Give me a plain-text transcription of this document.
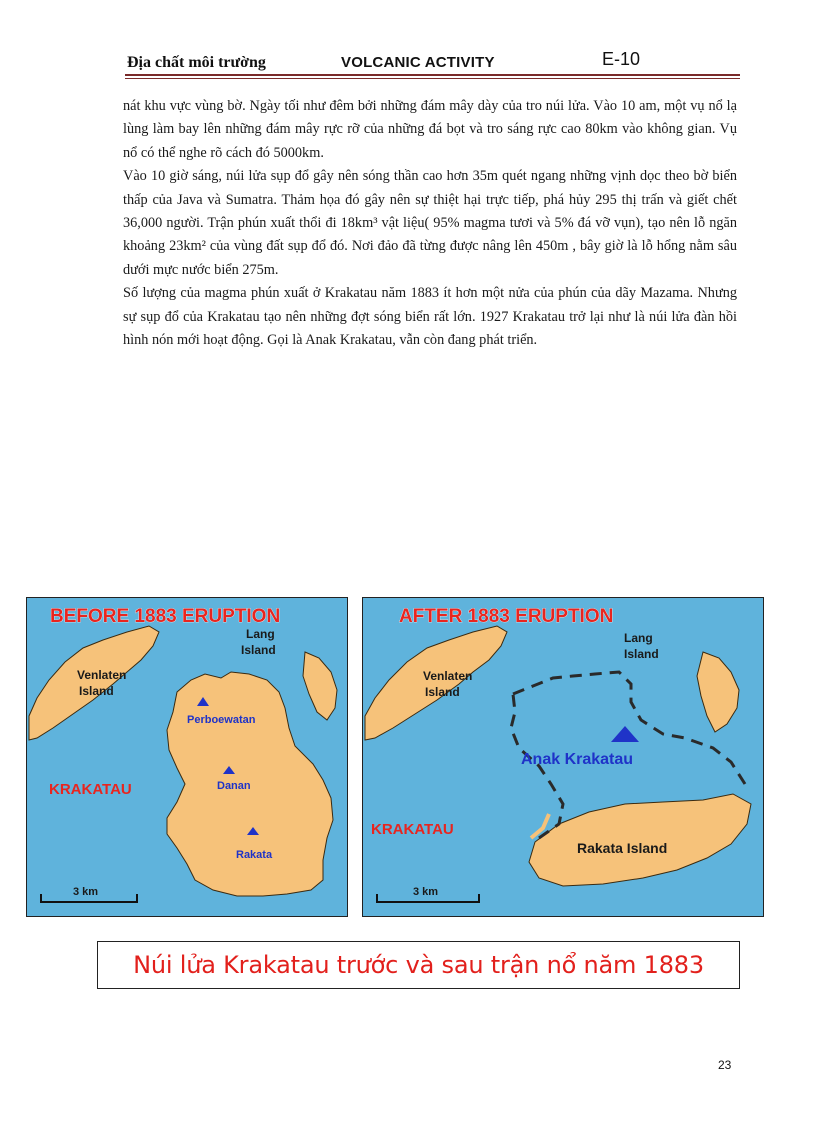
Địa chất môi trường	VOLCANIC ACTIVITY	E-10

nát khu vực vùng bờ. Ngày tối như đêm bởi những đám mây dày của tro núi lửa. Vào 10 am, một vụ nổ lạ lùng làm bay lên những đám mây rực rỡ của những đá bọt và tro sáng rực cao 80km vào không gian. Vụ nổ có thể nghe rõ cách đó 5000km.

Vào 10 giờ sáng, núi lửa sụp đổ gây nên sóng thần cao hơn 35m quét ngang những vịnh dọc theo bờ biển thấp của Java và Sumatra. Thảm họa đó gây nên sự thiệt hại trực tiếp, phá hủy 295 thị trấn và giết chết 36,000 người. Trận phún xuất thổi đi 18km³ vật liệu( 95% magma tươi và 5% đá vỡ vụn), tạo nên lỗ ngăn khoảng 23km² của vùng đất sụp đổ đó. Nơi đảo đã từng được nâng lên 450m , bây giờ là lỗ hổng nằm sâu dưới mực nước biển 275m.

Số lượng của magma phún xuất ở Krakatau năm 1883 ít hơn một nửa của phún của dãy Mazama. Nhưng sự sụp đổ của Krakatau tạo nên những đợt sóng biển rất lớn. 1927 Krakatau trở lại như là núi lửa đàn hồi hình nón mới hoạt động. Gọi là Anak Krakatau, vẫn còn đang phát triển.

BEFORE 1883 ERUPTION
Venlaten
Island
Lang
Island
Perboewatan
Danan
Rakata
KRAKATAU
3 km
AFTER 1883 ERUPTION
Venlaten
Island
Lang
Island
Anak Krakatau
KRAKATAU
Rakata Island
3 km
Núi lửa Krakatau trước và sau trận nổ năm 1883
23
